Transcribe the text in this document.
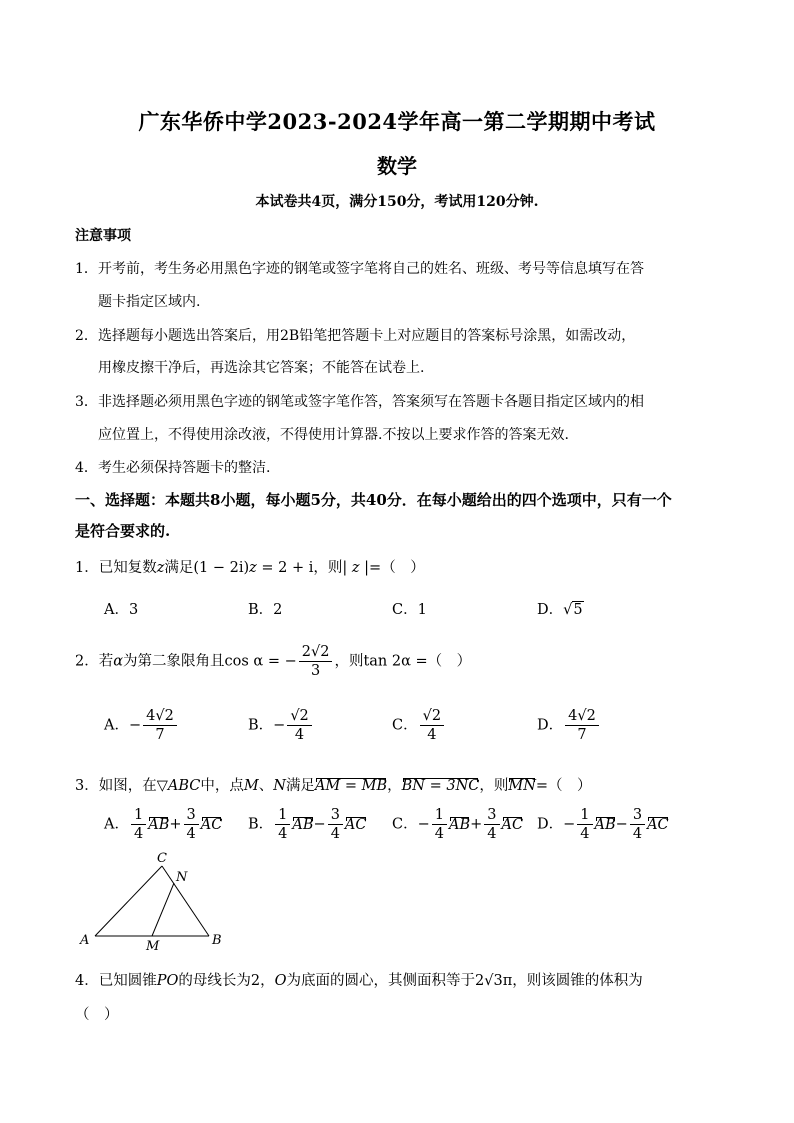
广东华侨中学2023-2024学年高一第二学期期中考试
数学
本试卷共4页，满分150分，考试用120分钟.
注意事项
1． 开考前，考生务必用黑色字迹的钢笔或签字笔将自己的姓名、班级、考号等信息填写在答
题卡指定区域内.
2． 选择题每小题选出答案后，用2B铅笔把答题卡上对应题目的答案标号涂黑，如需改动，
用橡皮擦干净后，再选涂其它答案；不能答在试卷上.
3． 非选择题必须用黑色字迹的钢笔或签字笔作答，答案须写在答题卡各题目指定区域内的相
应位置上，不得使用涂改液，不得使用计算器.不按以上要求作答的答案无效.
4． 考生必须保持答题卡的整洁.
一、选择题：本题共8小题，每小题5分，共40分．在每小题给出的四个选项中，只有一个
是符合要求的.
1．已知复数z满足(1 − 2i)z = 2 + i，则| z |=（　）
A．3	B．2	C．1	D．√5
2．若α为第二象限角且cos α = − $\frac{2√2}{3}$ ，则tan 2α =（　）
A．− $\frac{4√2}{7}$	B．− $\frac{√2}{4}$	C． $\frac{√2}{4}$	D． $\frac{4√2}{7}$
3．如图，在▽ABC中，点M、N满足AM = MB，BN = 3NC，则MN=（　）
A． $\frac{1}{4} AB+ \frac{3}{4}$ AC B． $\frac{1}{4} AB- \frac{3}{4}$ AC C．− $\frac{1}{4} AB+ \frac{3}{4}$ AC D．− $\frac{1}{4} AB- \frac{3}{4}$ AC
A	B
C
M
N
4．已知圆锥PO的母线长为2，O为底面的圆心，其侧面积等于2√3π，则该圆锥的体积为
（　）
